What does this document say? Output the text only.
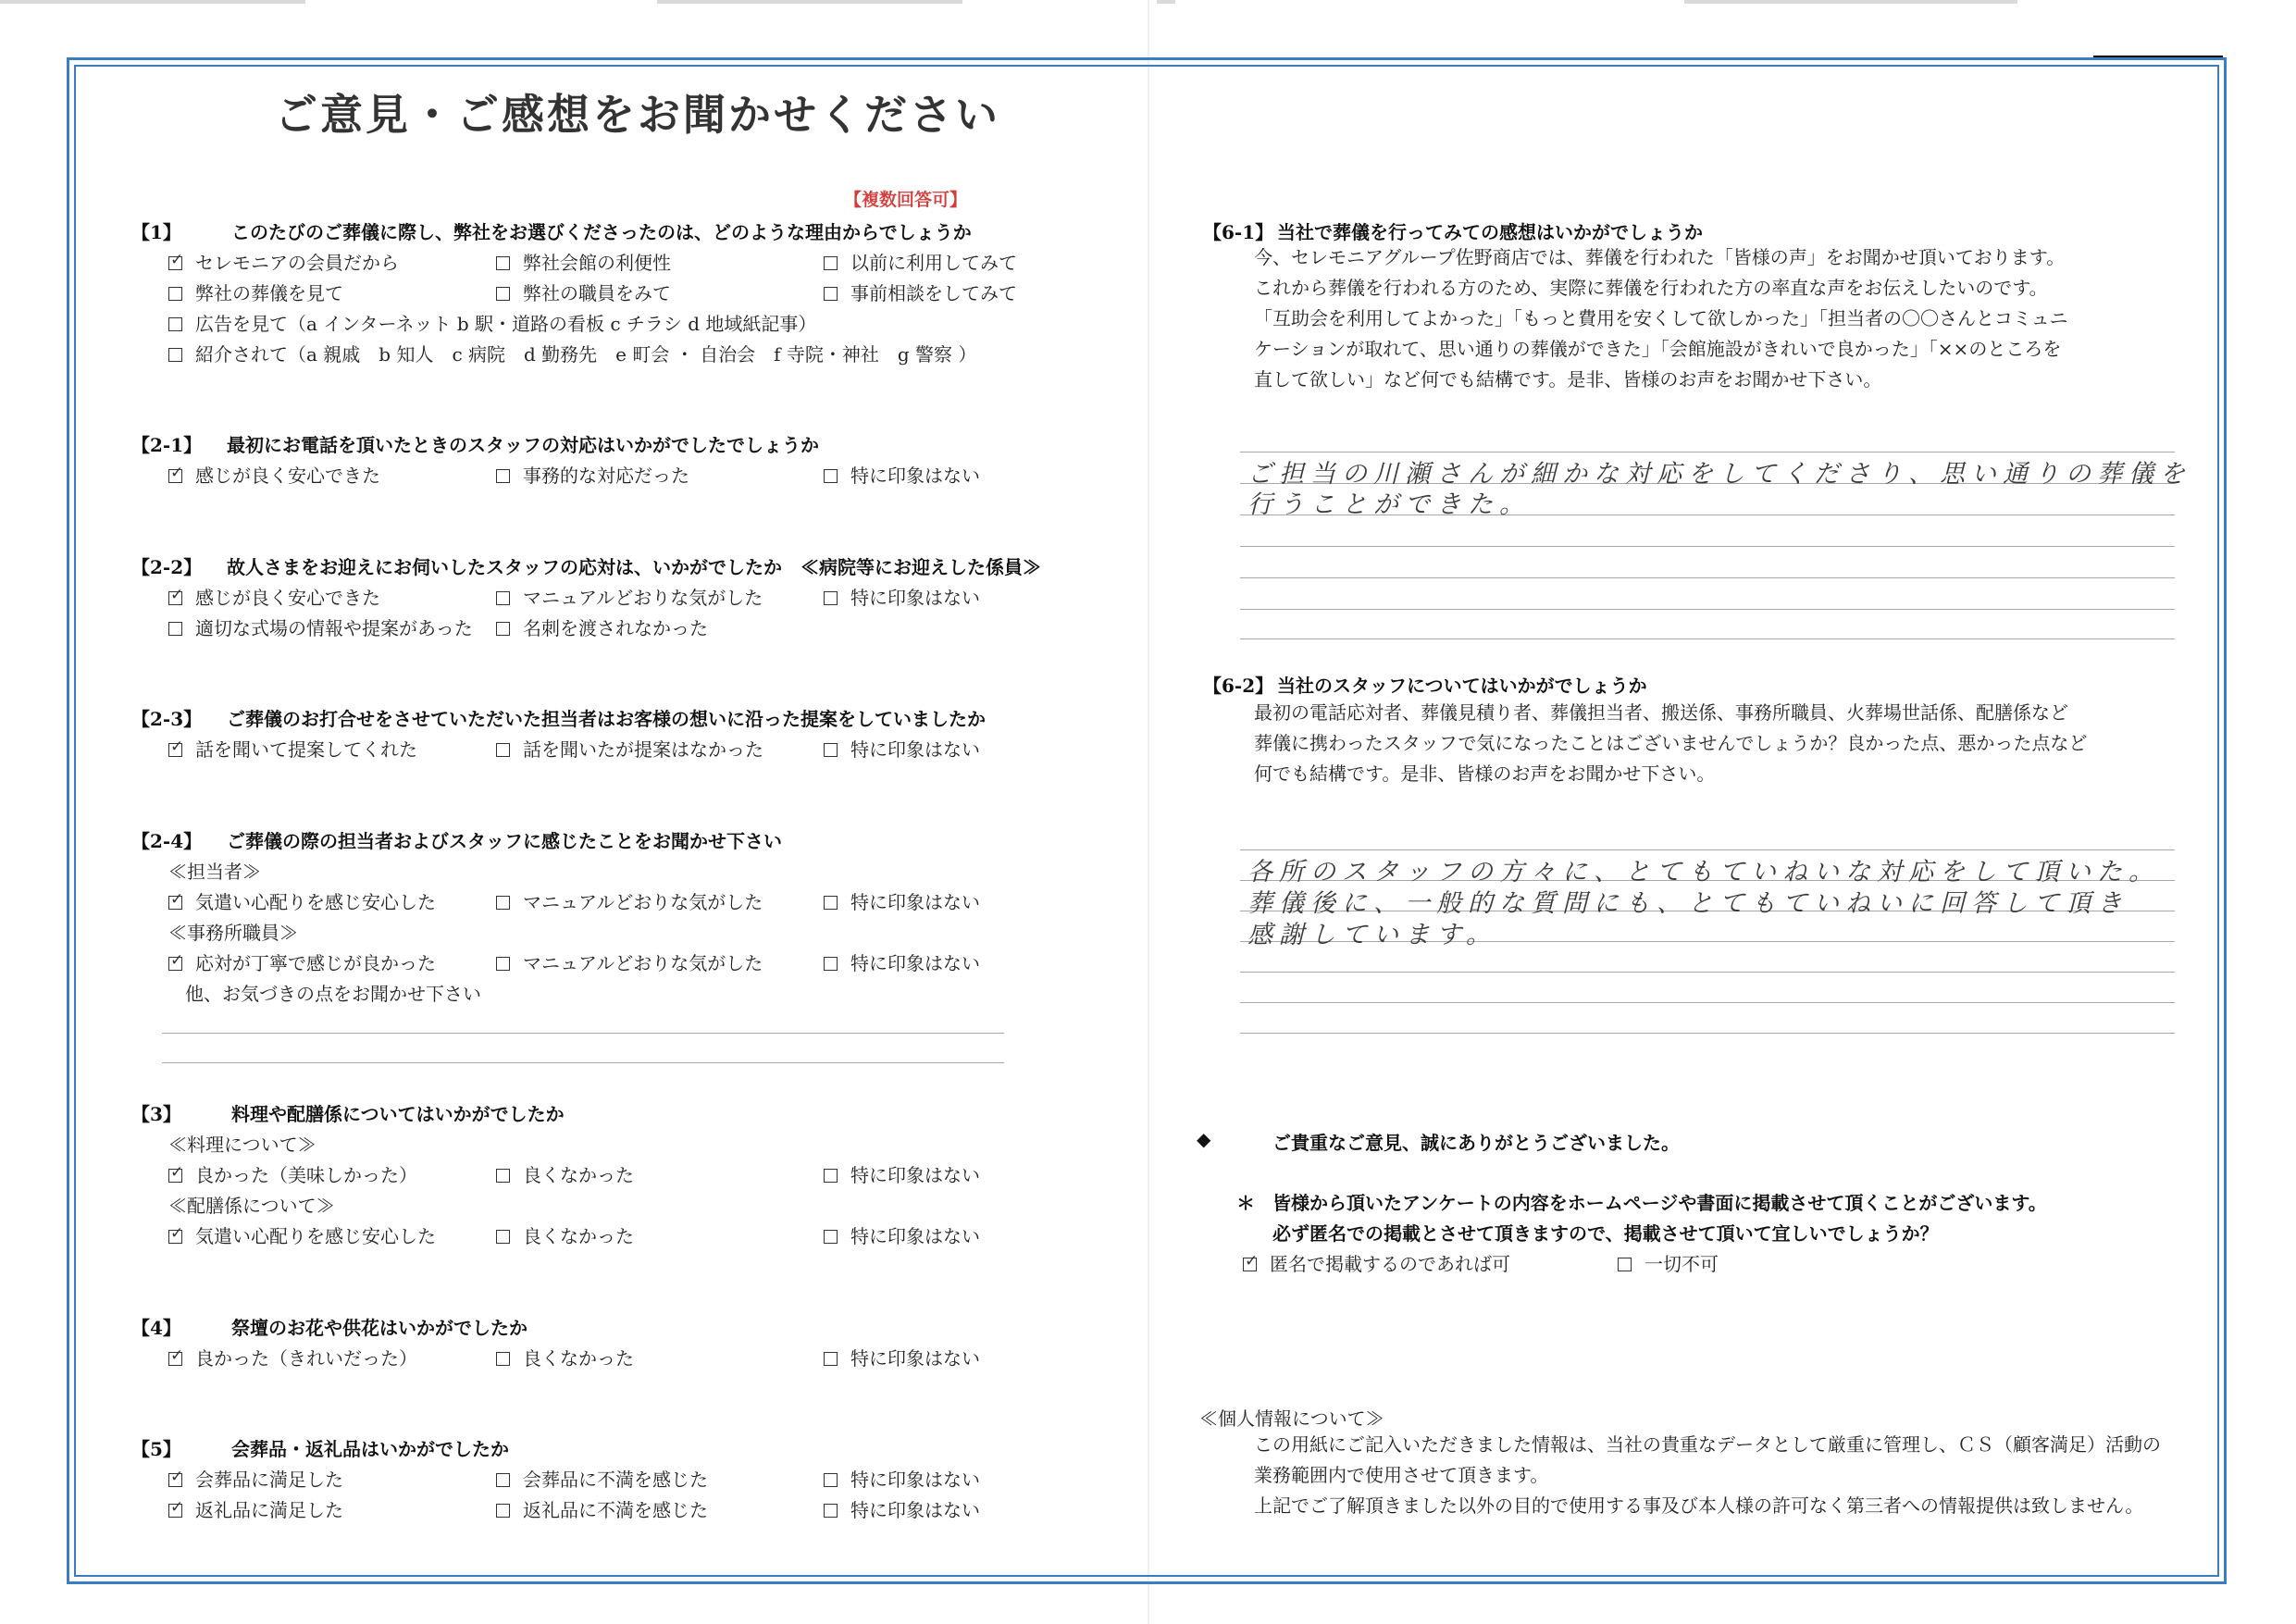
ご意見・ご感想をお聞かせください
【複数回答可】
【1】	このたびのご葬儀に際し、弊社をお選びくださったのは、どのような理由からでしょうか
✓セレモニアの会員だから	弊社会館の利便性	以前に利用してみて
弊社の葬儀を見て	弊社の職員をみて	事前相談をしてみて
広告を見て（a インターネット b 駅・道路の看板 c チラシ d 地域紙記事）
紹介されて（a 親戚　b 知人　c 病院　d 勤務先　e 町会 ・ 自治会　f 寺院・神社　g 警察 ）
【2-1】 最初にお電話を頂いたときのスタッフの対応はいかがでしたでしょうか
✓感じが良く安心できた	事務的な対応だった	特に印象はない
【2-2】 故人さまをお迎えにお伺いしたスタッフの応対は、いかがでしたか　≪病院等にお迎えした係員≫
✓感じが良く安心できた	マニュアルどおりな気がした	特に印象はない
適切な式場の情報や提案があった	名刺を渡されなかった
【2-3】 ご葬儀のお打合せをさせていただいた担当者はお客様の想いに沿った提案をしていましたか
✓話を聞いて提案してくれた	話を聞いたが提案はなかった	特に印象はない
【2-4】 ご葬儀の際の担当者およびスタッフに感じたことをお聞かせ下さい
≪担当者≫
✓気遣い心配りを感じ安心した	マニュアルどおりな気がした	特に印象はない
≪事務所職員≫
✓応対が丁寧で感じが良かった	マニュアルどおりな気がした	特に印象はない
他、お気づきの点をお聞かせ下さい
【3】	料理や配膳係についてはいかがでしたか
≪料理について≫
✓良かった（美味しかった）	良くなかった	特に印象はない
≪配膳係について≫
✓気遣い心配りを感じ安心した	良くなかった	特に印象はない
【4】	祭壇のお花や供花はいかがでしたか
✓良かった（きれいだった）	良くなかった	特に印象はない
【5】	会葬品・返礼品はいかがでしたか
✓会葬品に満足した	会葬品に不満を感じた	特に印象はない
✓返礼品に満足した	返礼品に不満を感じた	特に印象はない
【6-1】 当社で葬儀を行ってみての感想はいかがでしょうか
今、セレモニアグループ佐野商店では、葬儀を行われた「皆様の声」をお聞かせ頂いております。
これから葬儀を行われる方のため、実際に葬儀を行われた方の率直な声をお伝えしたいのです。
「互助会を利用してよかった」「もっと費用を安くして欲しかった」「担当者の〇〇さんとコミュニ
ケーションが取れて、思い通りの葬儀ができた」「会館施設がきれいで良かった」「××のところを
直して欲しい」など何でも結構です。是非、皆様のお声をお聞かせ下さい。
ご担当の川瀬さんが細かな対応をしてくださり、思い通りの葬儀を
行うことができた。
【6-2】 当社のスタッフについてはいかがでしょうか
最初の電話応対者、葬儀見積り者、葬儀担当者、搬送係、事務所職員、火葬場世話係、配膳係など
葬儀に携わったスタッフで気になったことはございませんでしょうか？良かった点、悪かった点など
何でも結構です。是非、皆様のお声をお聞かせ下さい。
各所のスタッフの方々に、とてもていねいな対応をして頂いた。
葬儀後に、一般的な質問にも、とてもていねいに回答して頂き
感謝しています。
◆	ご貴重なご意見、誠にありがとうございました。
＊ 皆様から頂いたアンケートの内容をホームページや書面に掲載させて頂くことがございます。
必ず匿名での掲載とさせて頂きますので、掲載させて頂いて宜しいでしょうか？
✓匿名で掲載するのであれば可	一切不可
≪個人情報について≫
この用紙にご記入いただきました情報は、当社の貴重なデータとして厳重に管理し、ＣＳ（顧客満足）活動の
業務範囲内で使用させて頂きます。
上記でご了解頂きました以外の目的で使用する事及び本人様の許可なく第三者への情報提供は致しません。
